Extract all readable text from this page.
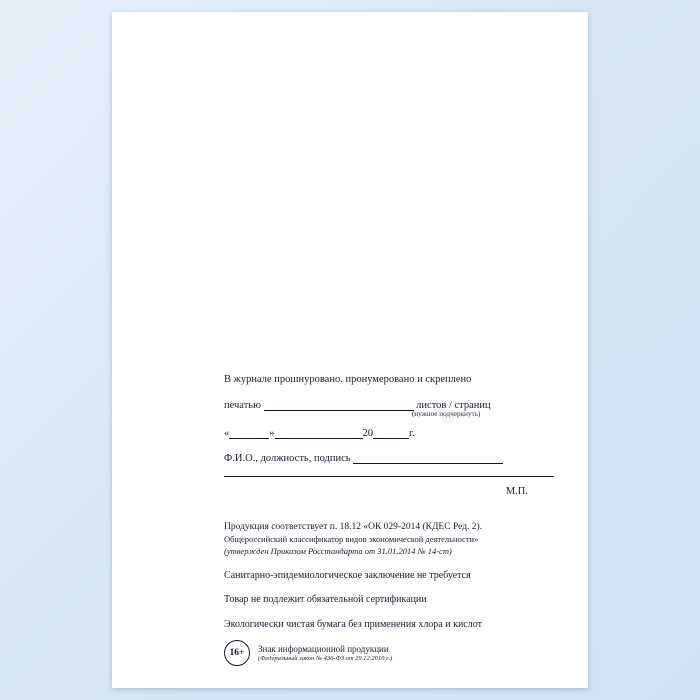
В журнале прошнуровано. пронумеровано и скреплено
печатью	листов / страниц
(нужное подчеркнуть)
«	»	20	г.
Ф.И.О., должность, подпись
М.П.
Продукция соответствует п. 18.12 «ОК 029-2014 (КДЕС Ред. 2).
Общероссийский классификатор видов экономической деятельности»
(утвержден Приказом Росстандарта от 31.01.2014 № 14-ст)
Санитарно-эпидемиологическое заключение не требуется
Товар не подлежит обязательной сертификации
Экологически чистая бумага без применения хлора и кислот
16+	Знак информационной продукции
(Федеральный закон № 436-ФЗ от 29.12.2010 г.)
